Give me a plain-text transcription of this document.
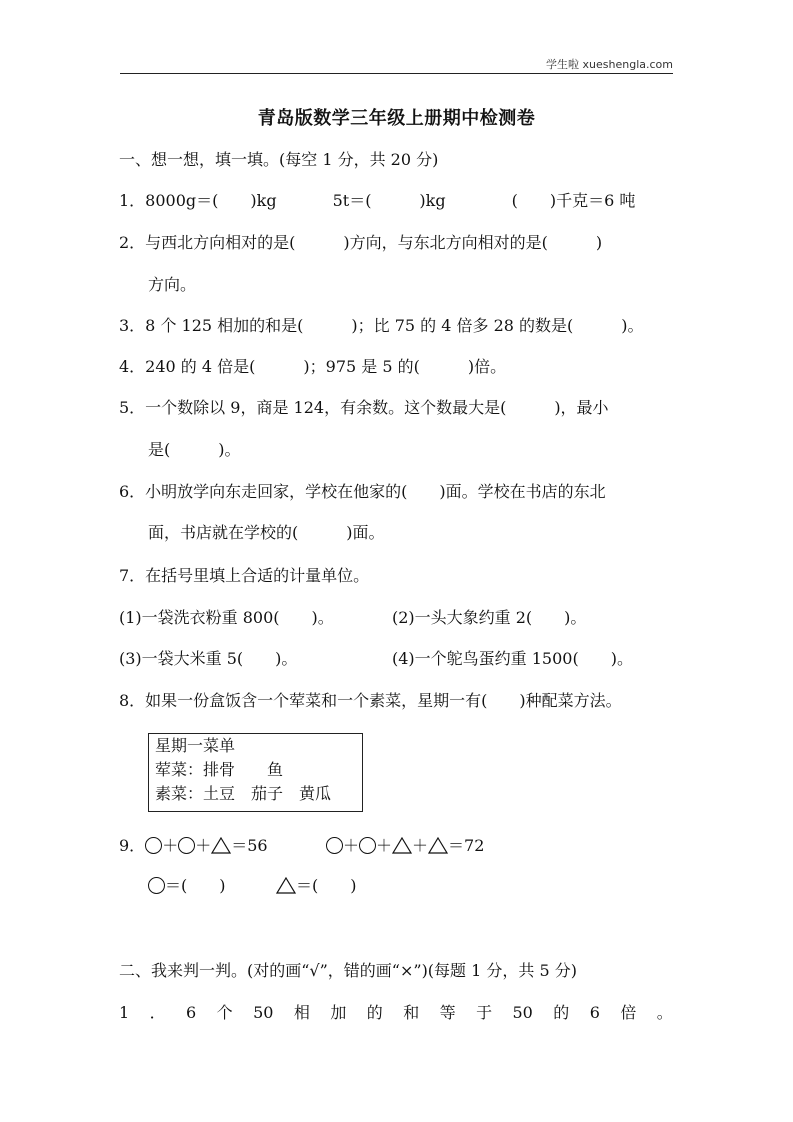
学生啦 xueshengla.com
青岛版数学三年级上册期中检测卷
一、想一想，填一填。(每空 1 分，共 20 分)
1．8000g＝(　　)kg	5t＝(　　　)kg	(　　)千克＝6 吨
2．与西北方向相对的是(　　　)方向，与东北方向相对的是(　　　)
方向。
3．8 个 125 相加的和是(　　　)；比 75 的 4 倍多 28 的数是(　　　)。
4．240 的 4 倍是(　　　)；975 是 5 的(　　　)倍。
5．一个数除以 9，商是 124，有余数。这个数最大是(　　　)，最小
是(　　　)。
6．小明放学向东走回家，学校在他家的(　　)面。学校在书店的东北
面，书店就在学校的(　　　)面。
7．在括号里填上合适的计量单位。
(1)一袋洗衣粉重 800(　　)。	(2)一头大象约重 2(　　)。
(3)一袋大米重 5(　　)。	(4)一个鸵鸟蛋约重 1500(　　)。
8．如果一份盒饭含一个荤菜和一个素菜，星期一有(　　)种配菜方法。
星期一菜单
荤菜：排骨　　鱼
素菜：土豆　茄子　黄瓜
9． ＋ ＋ ＝56	＋ ＋ ＋ ＝72
＝(　　)	＝(　　)
二、我来判一判。(对的画“√”，错的画“×”)(每题 1 分，共 5 分)
1 ． 6 个 50 相 加 的 和 等 于 50 的 6 倍 。
